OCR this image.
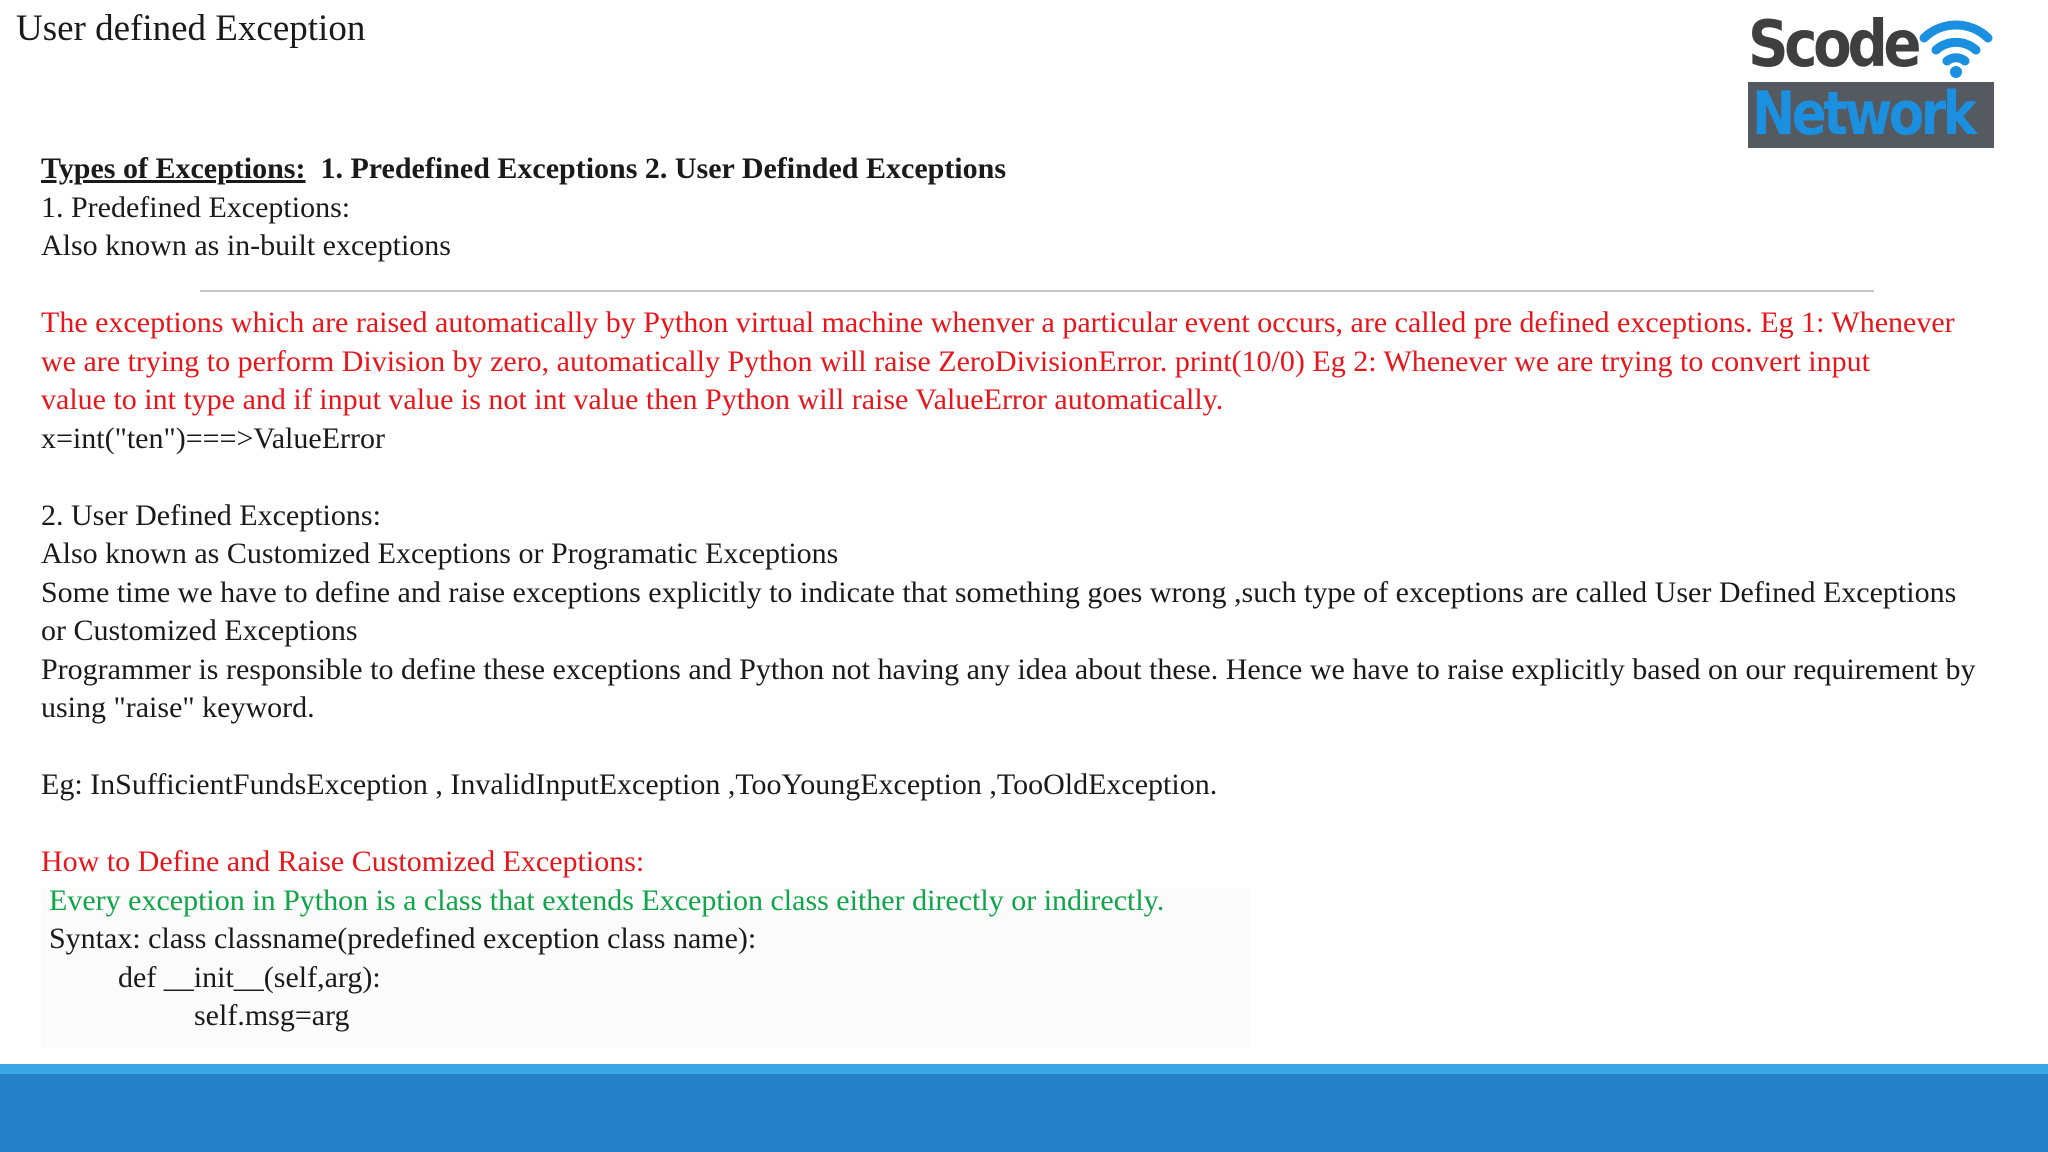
User defined Exception	Scode
Network
Types of Exceptions: 1. Predefined Exceptions 2. User Definded Exceptions
1. Predefined Exceptions:
Also known as in-built exceptions
The exceptions which are raised automatically by Python virtual machine whenver a particular event occurs, are called pre defined exceptions. Eg 1: Whenever
we are trying to perform Division by zero, automatically Python will raise ZeroDivisionError. print(10/0) Eg 2: Whenever we are trying to convert input
value to int type and if input value is not int value then Python will raise ValueError automatically.
x=int("ten")===>ValueError
2. User Defined Exceptions:
Also known as Customized Exceptions or Programatic Exceptions
Some time we have to define and raise exceptions explicitly to indicate that something goes wrong ,such type of exceptions are called User Defined Exceptions
or Customized Exceptions
Programmer is responsible to define these exceptions and Python not having any idea about these. Hence we have to raise explicitly based on our requirement by
using "raise" keyword.
Eg: InSufficientFundsException , InvalidInputException ,TooYoungException ,TooOldException.
How to Define and Raise Customized Exceptions:
Every exception in Python is a class that extends Exception class either directly or indirectly.
Syntax: class classname(predefined exception class name):
def __init__(self,arg):
self.msg=arg
